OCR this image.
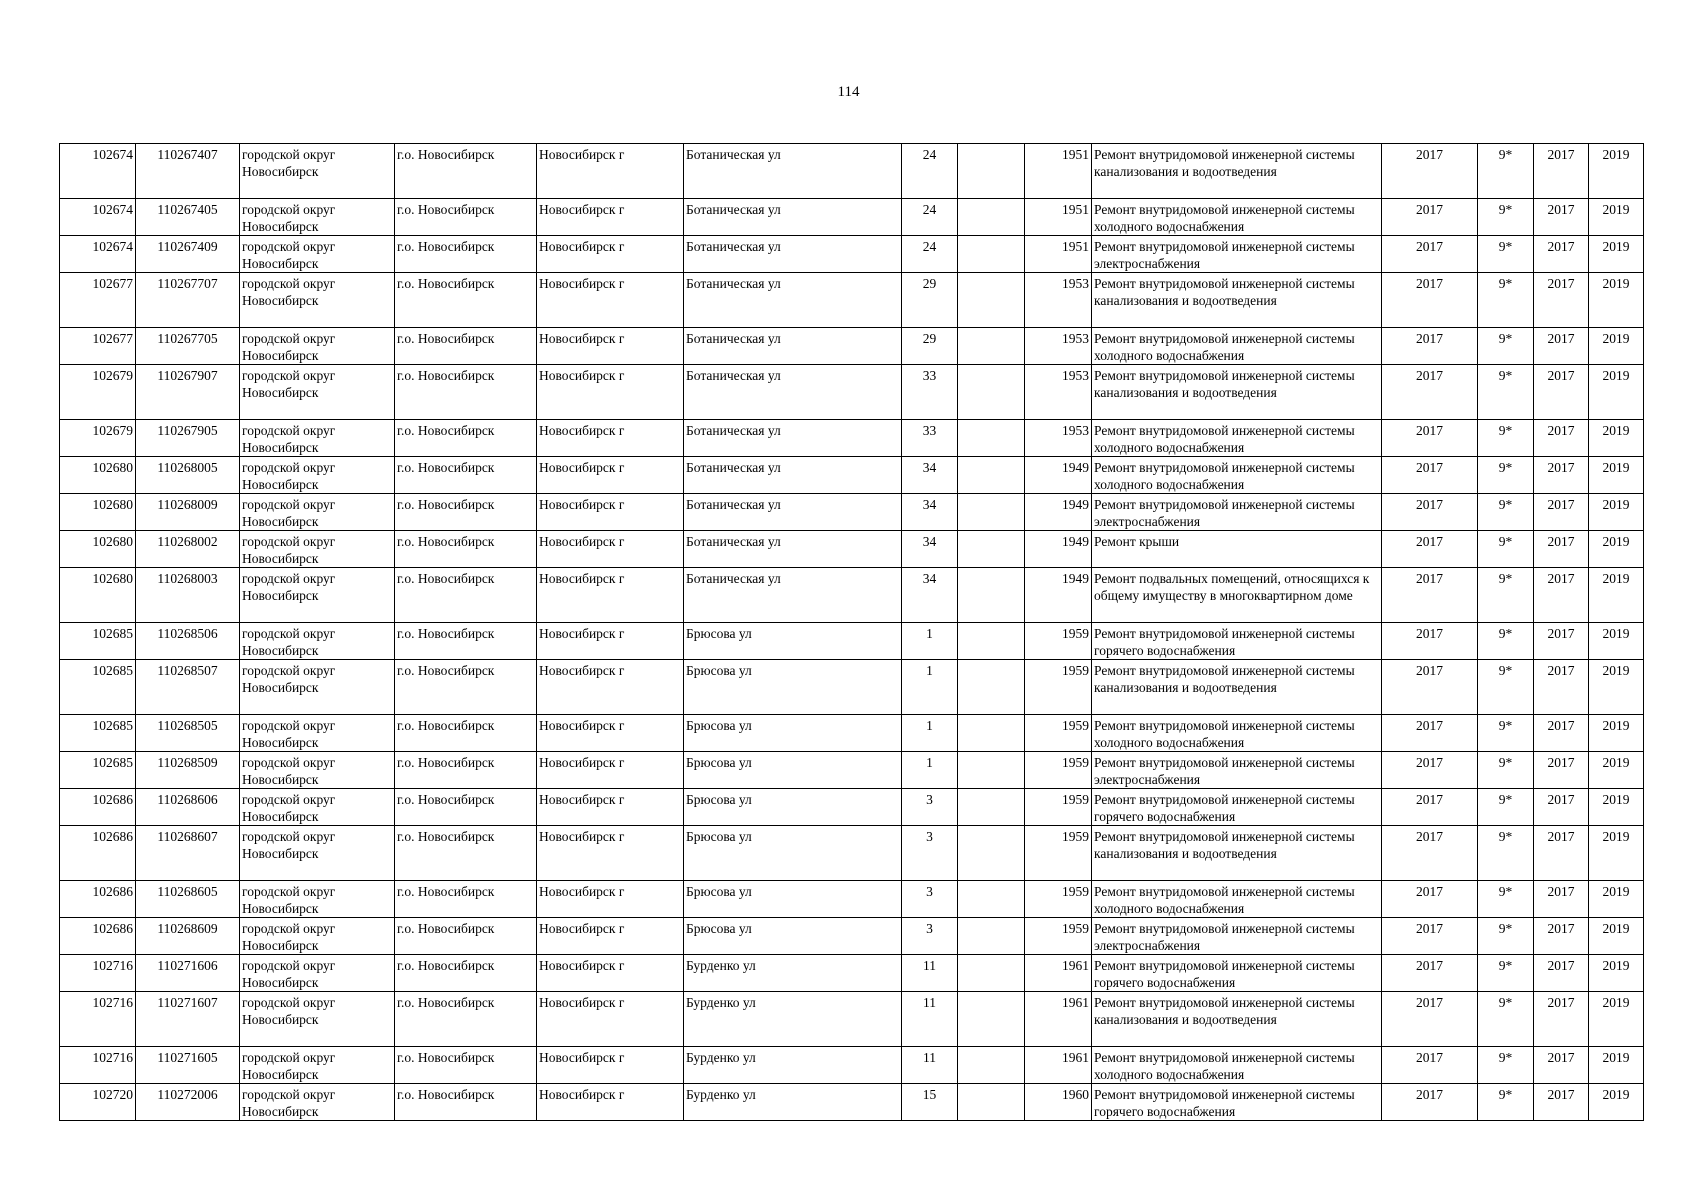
114
102674	110267407	городской округ Новосибирск	г.о. Новосибирск	Новосибирск г	Ботаническая ул	24		1951	Ремонт внутридомовой инженерной системы канализования и водоотведения	2017	9*	2017	2019
102674	110267405	городской округ Новосибирск	г.о. Новосибирск	Новосибирск г	Ботаническая ул	24		1951	Ремонт внутридомовой инженерной системы холодного водоснабжения	2017	9*	2017	2019
102674	110267409	городской округ Новосибирск	г.о. Новосибирск	Новосибирск г	Ботаническая ул	24		1951	Ремонт внутридомовой инженерной системы электроснабжения	2017	9*	2017	2019
102677	110267707	городской округ Новосибирск	г.о. Новосибирск	Новосибирск г	Ботаническая ул	29		1953	Ремонт внутридомовой инженерной системы канализования и водоотведения	2017	9*	2017	2019
102677	110267705	городской округ Новосибирск	г.о. Новосибирск	Новосибирск г	Ботаническая ул	29		1953	Ремонт внутридомовой инженерной системы холодного водоснабжения	2017	9*	2017	2019
102679	110267907	городской округ Новосибирск	г.о. Новосибирск	Новосибирск г	Ботаническая ул	33		1953	Ремонт внутридомовой инженерной системы канализования и водоотведения	2017	9*	2017	2019
102679	110267905	городской округ Новосибирск	г.о. Новосибирск	Новосибирск г	Ботаническая ул	33		1953	Ремонт внутридомовой инженерной системы холодного водоснабжения	2017	9*	2017	2019
102680	110268005	городской округ Новосибирск	г.о. Новосибирск	Новосибирск г	Ботаническая ул	34		1949	Ремонт внутридомовой инженерной системы холодного водоснабжения	2017	9*	2017	2019
102680	110268009	городской округ Новосибирск	г.о. Новосибирск	Новосибирск г	Ботаническая ул	34		1949	Ремонт внутридомовой инженерной системы электроснабжения	2017	9*	2017	2019
102680	110268002	городской округ Новосибирск	г.о. Новосибирск	Новосибирск г	Ботаническая ул	34		1949	Ремонт крыши	2017	9*	2017	2019
102680	110268003	городской округ Новосибирск	г.о. Новосибирск	Новосибирск г	Ботаническая ул	34		1949	Ремонт подвальных помещений, относящихся к общему имуществу в многоквартирном доме	2017	9*	2017	2019
102685	110268506	городской округ Новосибирск	г.о. Новосибирск	Новосибирск г	Брюсова ул	1		1959	Ремонт внутридомовой инженерной системы горячего водоснабжения	2017	9*	2017	2019
102685	110268507	городской округ Новосибирск	г.о. Новосибирск	Новосибирск г	Брюсова ул	1		1959	Ремонт внутридомовой инженерной системы канализования и водоотведения	2017	9*	2017	2019
102685	110268505	городской округ Новосибирск	г.о. Новосибирск	Новосибирск г	Брюсова ул	1		1959	Ремонт внутридомовой инженерной системы холодного водоснабжения	2017	9*	2017	2019
102685	110268509	городской округ Новосибирск	г.о. Новосибирск	Новосибирск г	Брюсова ул	1		1959	Ремонт внутридомовой инженерной системы электроснабжения	2017	9*	2017	2019
102686	110268606	городской округ Новосибирск	г.о. Новосибирск	Новосибирск г	Брюсова ул	3		1959	Ремонт внутридомовой инженерной системы горячего водоснабжения	2017	9*	2017	2019
102686	110268607	городской округ Новосибирск	г.о. Новосибирск	Новосибирск г	Брюсова ул	3		1959	Ремонт внутридомовой инженерной системы канализования и водоотведения	2017	9*	2017	2019
102686	110268605	городской округ Новосибирск	г.о. Новосибирск	Новосибирск г	Брюсова ул	3		1959	Ремонт внутридомовой инженерной системы холодного водоснабжения	2017	9*	2017	2019
102686	110268609	городской округ Новосибирск	г.о. Новосибирск	Новосибирск г	Брюсова ул	3		1959	Ремонт внутридомовой инженерной системы электроснабжения	2017	9*	2017	2019
102716	110271606	городской округ Новосибирск	г.о. Новосибирск	Новосибирск г	Бурденко ул	11		1961	Ремонт внутридомовой инженерной системы горячего водоснабжения	2017	9*	2017	2019
102716	110271607	городской округ Новосибирск	г.о. Новосибирск	Новосибирск г	Бурденко ул	11		1961	Ремонт внутридомовой инженерной системы канализования и водоотведения	2017	9*	2017	2019
102716	110271605	городской округ Новосибирск	г.о. Новосибирск	Новосибирск г	Бурденко ул	11		1961	Ремонт внутридомовой инженерной системы холодного водоснабжения	2017	9*	2017	2019
102720	110272006	городской округ Новосибирск	г.о. Новосибирск	Новосибирск г	Бурденко ул	15		1960	Ремонт внутридомовой инженерной системы горячего водоснабжения	2017	9*	2017	2019
